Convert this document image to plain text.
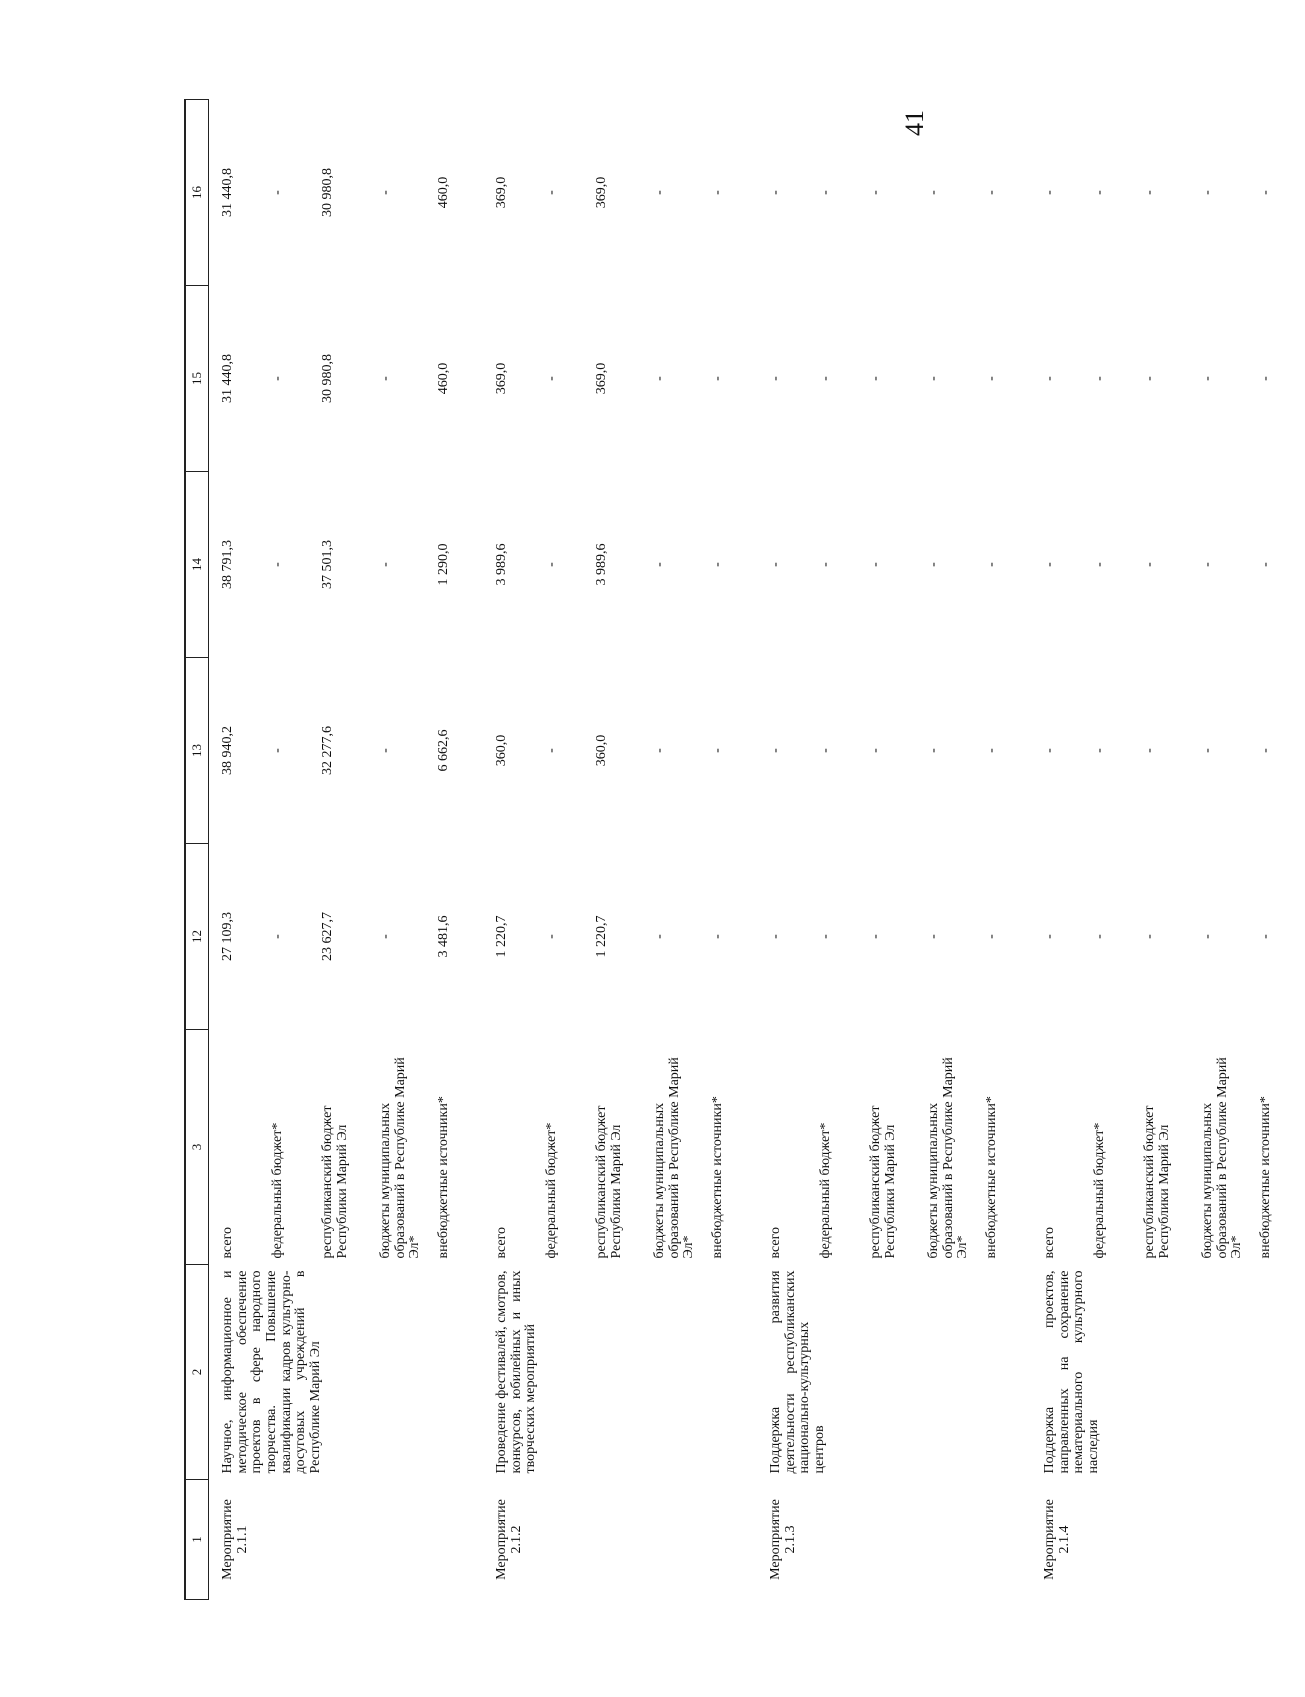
41
1	2	3	12	13	14	15	16
Мероприятие 2.1.1	Научное, информационное и методическое обеспечение проектов в сфере народного творчества. Повышение квалификации кадров культурно-досуговых учреждений в Республике Марий Эл	всего	27 109,3	38 940,2	38 791,3	31 440,8	31 440,8
		федеральный бюджет*	-	-	-	-	-
		республиканский бюджет Республики Марий Эл	23 627,7	32 277,6	37 501,3	30 980,8	30 980,8
		бюджеты муниципальных образований в Республике Марий Эл*	-	-	-	-	-
		внебюджетные источники*	3 481,6	6 662,6	1 290,0	460,0	460,0
Мероприятие 2.1.2	Проведение фестивалей, смотров, конкурсов, юбилейных и иных творческих мероприятий	всего	1 220,7	360,0	3 989,6	369,0	369,0
		федеральный бюджет*	-	-	-	-	-
		республиканский бюджет Республики Марий Эл	1 220,7	360,0	3 989,6	369,0	369,0
		бюджеты муниципальных образований в Республике Марий Эл*	-	-	-	-	-
		внебюджетные источники*	-	-	-	-	-
Мероприятие 2.1.3	Поддержка развития деятельности республиканских национально-культурных центров	всего	-	-	-	-	-
		федеральный бюджет*	-	-	-	-	-
		республиканский бюджет Республики Марий Эл	-	-	-	-	-
		бюджеты муниципальных образований в Республике Марий Эл*	-	-	-	-	-
		внебюджетные источники*	-	-	-	-	-
Мероприятие 2.1.4	Поддержка проектов, направленных на сохранение нематериального культурного наследия	всего	-	-	-	-	-
		федеральный бюджет*	-	-	-	-	-
		республиканский бюджет Республики Марий Эл	-	-	-	-	-
		бюджеты муниципальных образований в Республике Марий Эл*	-	-	-	-	-
		внебюджетные источники*	-	-	-	-	-
